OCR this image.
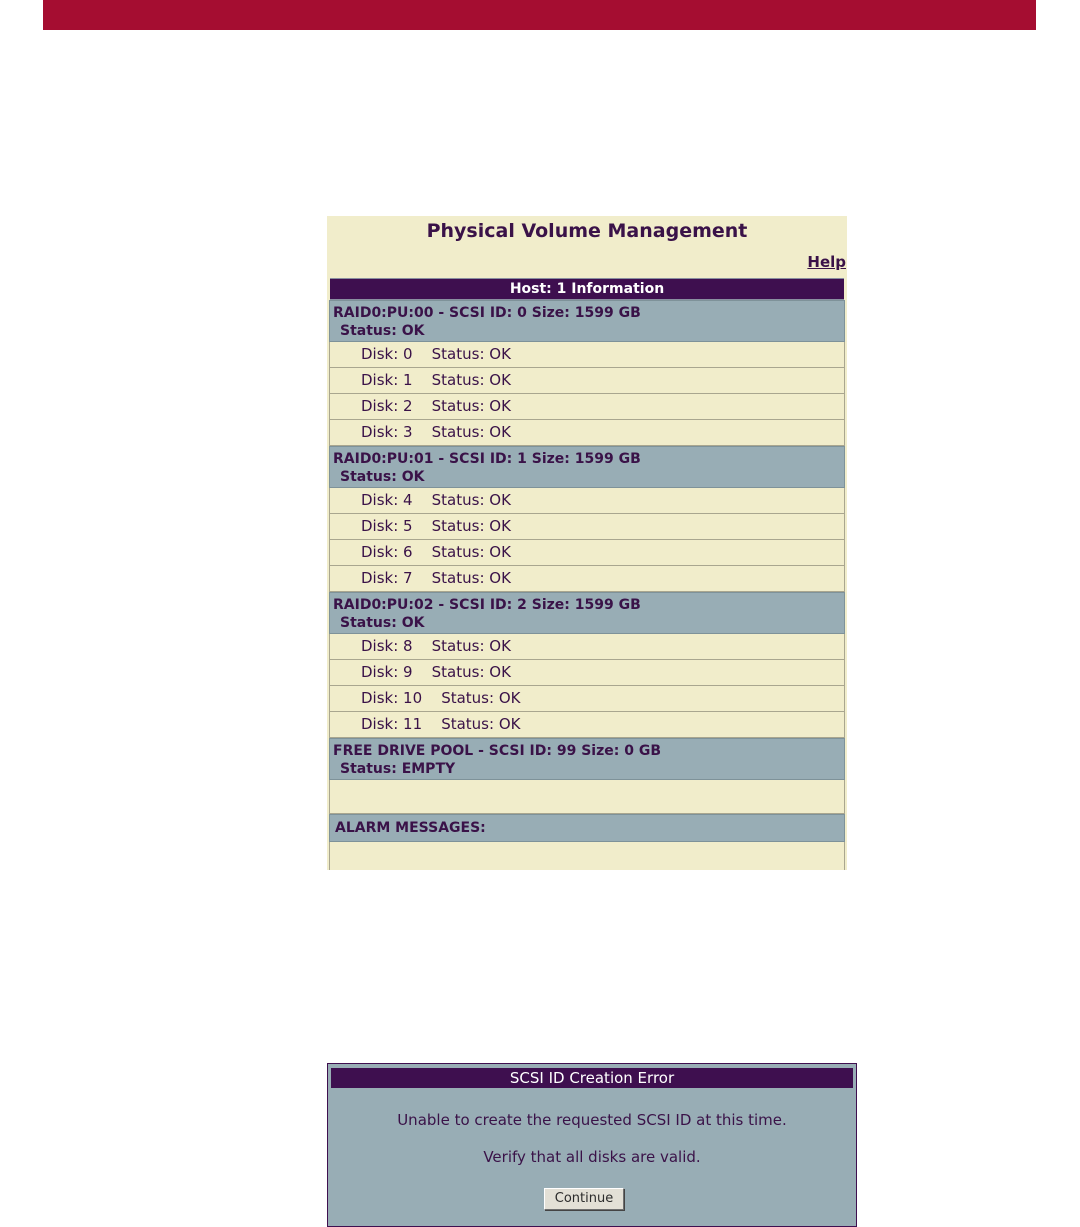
Physical Volume Management
Help
Host: 1 Information
RAID0:PU:00 - SCSI ID: 0 Size: 1599 GB
Status: OK
Disk: 0    Status: OK
Disk: 1    Status: OK
Disk: 2    Status: OK
Disk: 3    Status: OK
RAID0:PU:01 - SCSI ID: 1 Size: 1599 GB
Status: OK
Disk: 4    Status: OK
Disk: 5    Status: OK
Disk: 6    Status: OK
Disk: 7    Status: OK
RAID0:PU:02 - SCSI ID: 2 Size: 1599 GB
Status: OK
Disk: 8    Status: OK
Disk: 9    Status: OK
Disk: 10    Status: OK
Disk: 11    Status: OK
FREE DRIVE POOL - SCSI ID: 99 Size: 0 GB
Status: EMPTY
ALARM MESSAGES:
SCSI ID Creation Error
Unable to create the requested SCSI ID at this time.
Verify that all disks are valid.
Continue
